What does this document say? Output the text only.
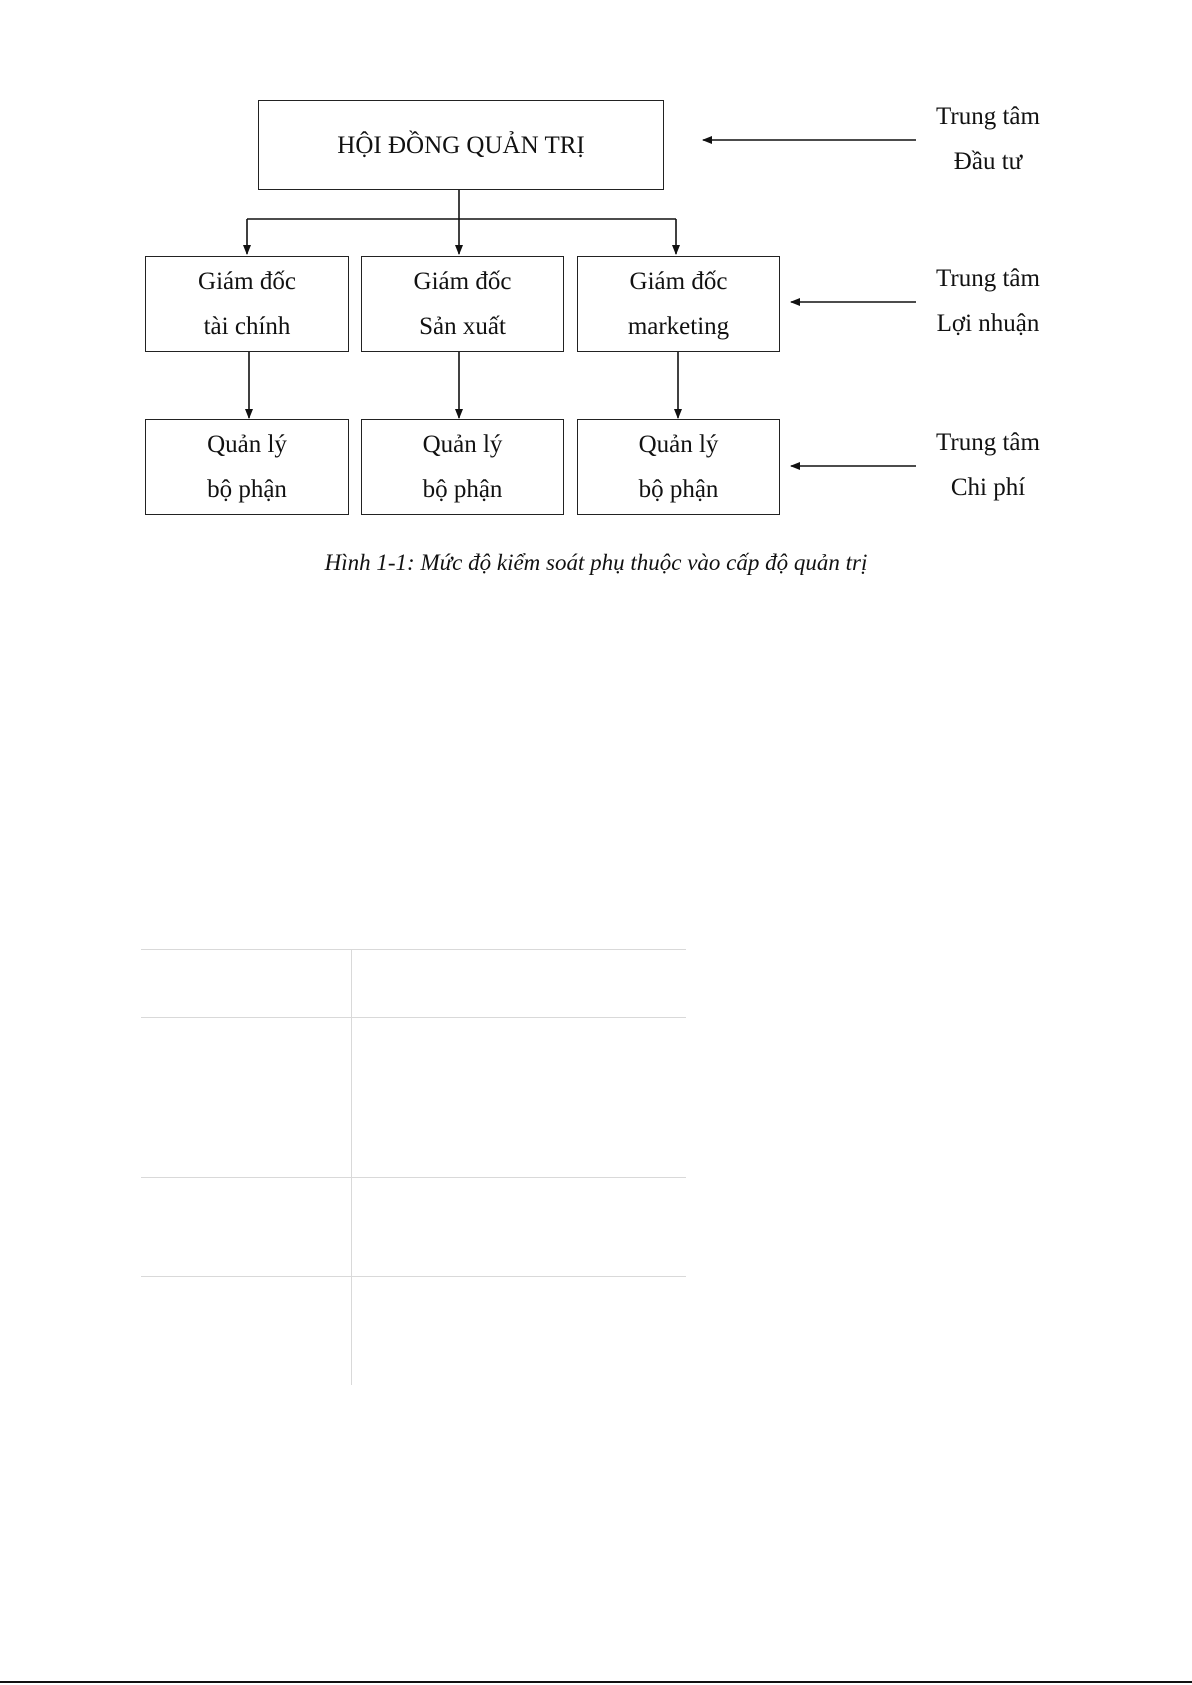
HỘI ĐỒNG QUẢN TRỊ
Giám đốc
tài chính
Giám đốc
Sản xuất
Giám đốc
marketing
Quản lý
bộ phận
Quản lý
bộ phận
Quản lý
bộ phận
Trung tâm
Đầu tư
Trung tâm
Lợi nhuận
Trung tâm
Chi phí
Hình 1-1: Mức độ kiểm soát phụ thuộc vào cấp độ quản trị
